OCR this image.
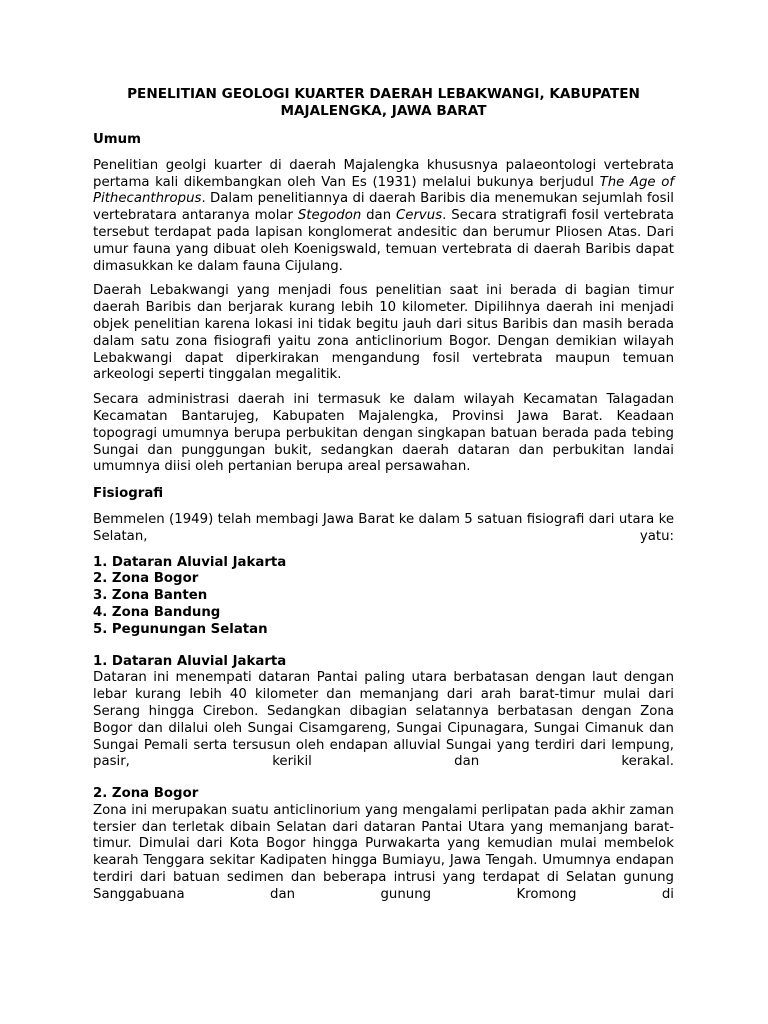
PENELITIAN GEOLOGI KUARTER DAERAH LEBAKWANGI, KABUPATEN
MAJALENGKA, JAWA BARAT
Umum

Penelitian geolgi kuarter di daerah Majalengka khususnya palaeontologi vertebrata pertama kali dikembangkan oleh Van Es (1931) melalui bukunya berjudul The Age of Pithecanthropus. Dalam penelitiannya di daerah Baribis dia menemukan sejumlah fosil vertebratara antaranya molar Stegodon dan Cervus. Secara stratigrafi fosil vertebrata tersebut terdapat pada lapisan konglomerat andesitic dan berumur Pliosen Atas. Dari umur fauna yang dibuat oleh Koenigswald, temuan vertebrata di daerah Baribis dapat dimasukkan ke dalam fauna Cijulang.

Daerah Lebakwangi yang menjadi fous penelitian saat ini berada di bagian timur daerah Baribis dan berjarak kurang lebih 10 kilometer. Dipilihnya daerah ini menjadi objek penelitian karena lokasi ini tidak begitu jauh dari situs Baribis dan masih berada dalam satu zona fisiografi yaitu zona anticlinorium Bogor. Dengan demikian wilayah Lebakwangi dapat diperkirakan mengandung fosil vertebrata maupun temuan arkeologi seperti tinggalan megalitik.

Secara administrasi daerah ini termasuk ke dalam wilayah Kecamatan Talagadan Kecamatan Bantarujeg, Kabupaten Majalengka, Provinsi Jawa Barat. Keadaan topogragi umumnya berupa perbukitan dengan singkapan batuan berada pada tebing Sungai dan punggungan bukit, sedangkan daerah dataran dan perbukitan landai umumnya diisi oleh pertanian berupa areal persawahan.

Fisiografi

Bemmelen (1949) telah membagi Jawa Barat ke dalam 5 satuan fisiografi dari utara ke Selatan, yatu:

1. Dataran Aluvial Jakarta
2. Zona Bogor
3. Zona Banten
4. Zona Bandung
5. Pegunungan Selatan
1. Dataran Aluvial Jakarta

Dataran ini menempati dataran Pantai paling utara berbatasan dengan laut dengan lebar kurang lebih 40 kilometer dan memanjang dari arah barat-timur mulai dari Serang hingga Cirebon. Sedangkan dibagian selatannya berbatasan dengan Zona Bogor dan dilalui oleh Sungai Cisamgareng, Sungai Cipunagara, Sungai Cimanuk dan Sungai Pemali serta tersusun oleh endapan alluvial Sungai yang terdiri dari lempung, pasir, kerikil dan kerakal.

2. Zona Bogor

Zona ini merupakan suatu anticlinorium yang mengalami perlipatan pada akhir zaman tersier dan terletak dibain Selatan dari dataran Pantai Utara yang memanjang barat-timur. Dimulai dari Kota Bogor hingga Purwakarta yang kemudian mulai membelok kearah Tenggara sekitar Kadipaten hingga Bumiayu, Jawa Tengah. Umumnya endapan terdiri dari batuan sedimen dan beberapa intrusi yang terdapat di Selatan gunung Sanggabuana dan gunung Kromong di
